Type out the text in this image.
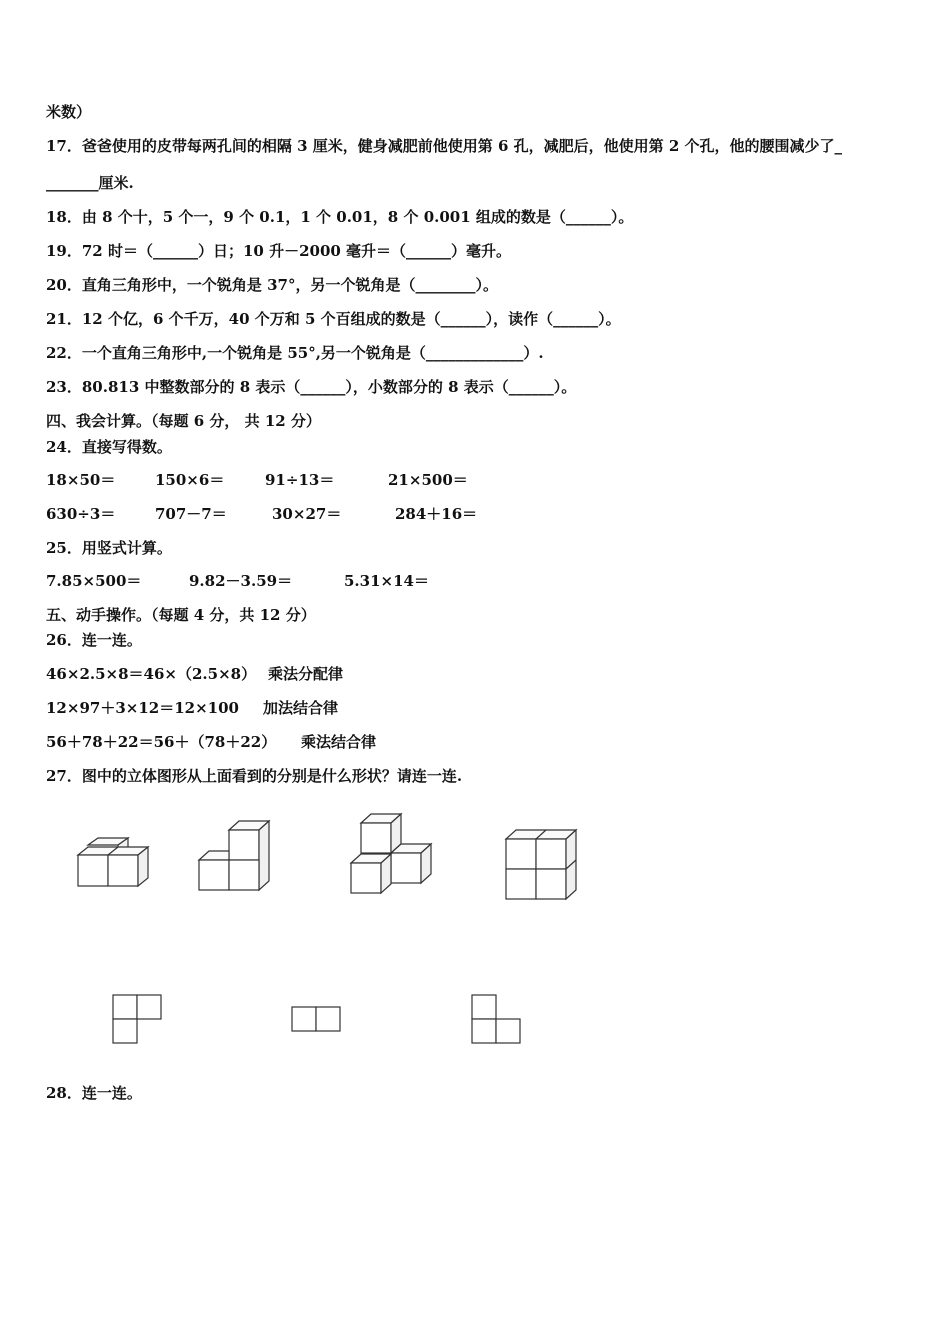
米数）
17．爸爸使用的皮带每两孔间的相隔 3 厘米，健身减肥前他使用第 6 孔，减肥后，他使用第 2 个孔，他的腰围减少了_
_______厘米.
18．由 8 个十，5 个一，9 个 0.1，1 个 0.01，8 个 0.001 组成的数是（______）。
19．72 时＝（______）日；10 升－2000 毫升＝（______）毫升。
20．直角三角形中，一个锐角是 37°，另一个锐角是（________）。
21．12 个亿，6 个千万，40 个万和 5 个百组成的数是（______），读作（______）。
22．一个直角三角形中,一个锐角是 55°,另一个锐角是（_____________）.
23．80.813 中整数部分的 8 表示（______），小数部分的 8 表示（______）。
四、我会计算。（每题 6 分， 共 12 分）
24．直接写得数。
18×50＝	150×6＝	91÷13＝	21×500＝
630÷3＝	707－7＝	30×27＝	284＋16＝
25．用竖式计算。
7.85×500＝	9.82－3.59＝	5.31×14＝
五、动手操作。（每题 4 分，共 12 分）
26．连一连。
46×2.5×8＝46×（2.5×8） 乘法分配律
12×97＋3×12＝12×100 加法结合律
56＋78＋22＝56＋（78＋22） 乘法结合律
27．图中的立体图形从上面看到的分别是什么形状？请连一连.
28．连一连。
